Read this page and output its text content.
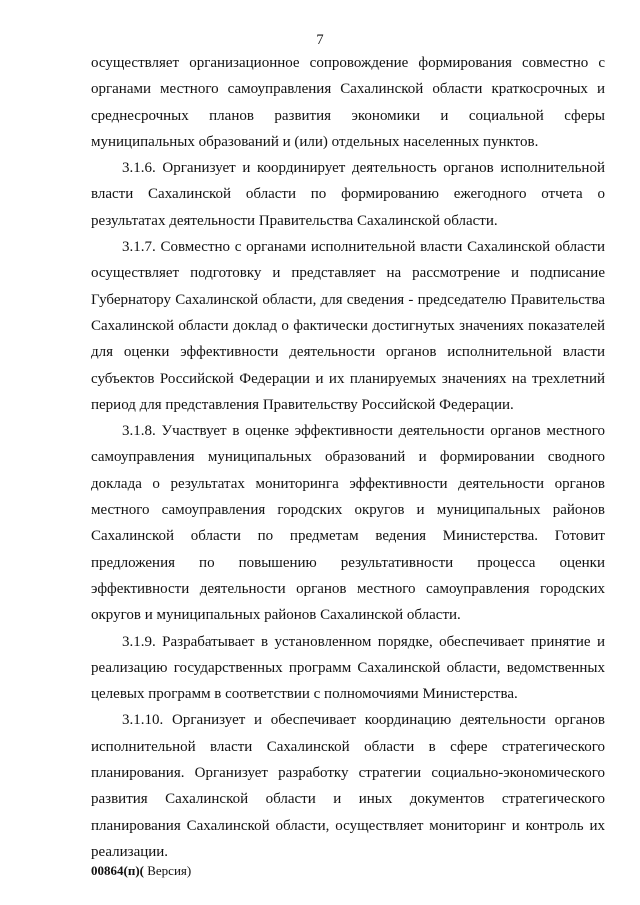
7

осуществляет организационное сопровождение формирования совместно с органами местного самоуправления Сахалинской области краткосрочных и среднесрочных планов развития экономики и социальной сферы муниципальных образований и (или) отдельных населенных пунктов.

3.1.6. Организует и координирует деятельность органов исполнительной власти Сахалинской области по формированию ежегодного отчета о результатах деятельности Правительства Сахалинской области.

3.1.7. Совместно с органами исполнительной власти Сахалинской области осуществляет подготовку и представляет на рассмотрение и подписание Губернатору Сахалинской области, для сведения - председателю Правительства Сахалинской области доклад о фактически достигнутых значениях показателей для оценки эффективности деятельности органов исполнительной власти субъектов Российской Федерации и их планируемых значениях на трехлетний период для представления Правительству Российской Федерации.

3.1.8. Участвует в оценке эффективности деятельности органов местного самоуправления муниципальных образований и формировании сводного доклада о результатах мониторинга эффективности деятельности органов местного самоуправления городских округов и муниципальных районов Сахалинской области по предметам ведения Министерства. Готовит предложения по повышению результативности процесса оценки эффективности деятельности органов местного самоуправления городских округов и муниципальных районов Сахалинской области.

3.1.9. Разрабатывает в установленном порядке, обеспечивает принятие и реализацию государственных программ Сахалинской области, ведомственных целевых программ в соответствии с полномочиями Министерства.

3.1.10. Организует и обеспечивает координацию деятельности органов исполнительной власти Сахалинской области в сфере стратегического планирования. Организует разработку стратегии социально-экономического развития Сахалинской области и иных документов стратегического планирования Сахалинской области, осуществляет мониторинг и контроль их реализации.

00864(п)( Версия)
